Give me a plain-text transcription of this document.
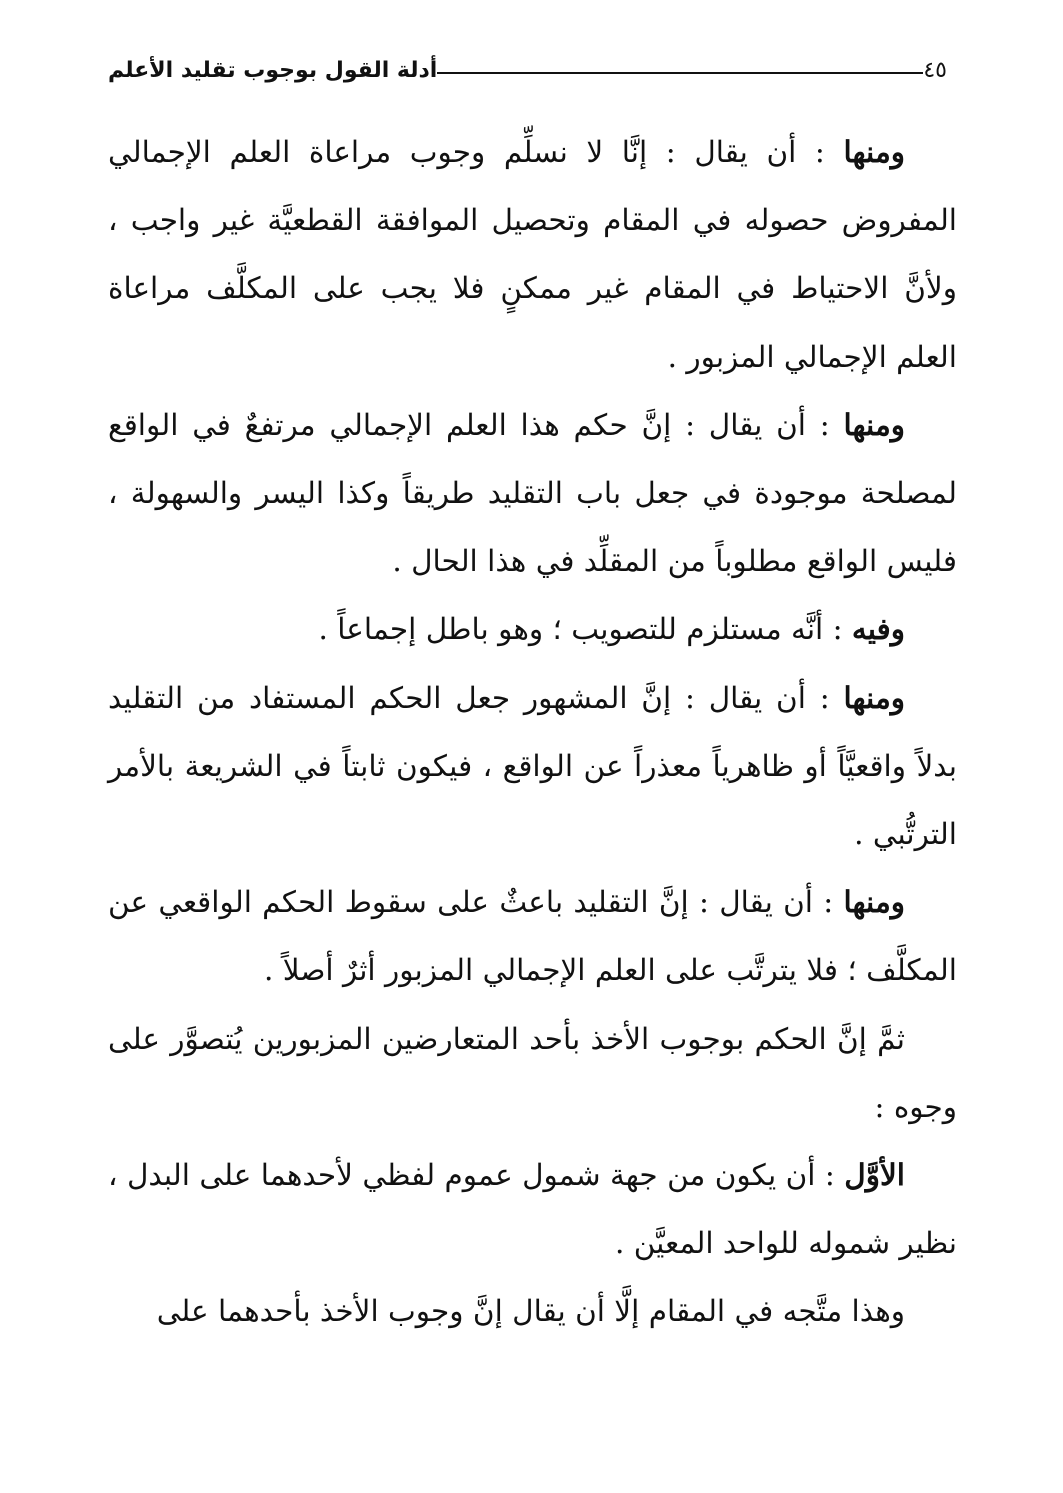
أدلة القول بوجوب تقليد الأعلم	٤٥

ومنها : أن يقال : إنَّا لا نسلِّم وجوب مراعاة العلم الإجمالي المفروض حصوله في المقام وتحصيل الموافقة القطعيَّة غير واجب ، ولأنَّ الاحتياط في المقام غير ممكنٍ فلا يجب على المكلَّف مراعاة العلم الإجمالي المزبور .

ومنها : أن يقال : إنَّ حكم هذا العلم الإجمالي مرتفعٌ في الواقع لمصلحة موجودة في جعل باب التقليد طريقاً وكذا اليسر والسهولة ، فليس الواقع مطلوباً من المقلِّد في هذا الحال .

وفيه : أنَّه مستلزم للتصويب ؛ وهو باطل إجماعاً .

ومنها : أن يقال : إنَّ المشهور جعل الحكم المستفاد من التقليد بدلاً واقعيَّاً أو ظاهرياً معذراً عن الواقع ، فيكون ثابتاً في الشريعة بالأمر الترتُّبي .

ومنها : أن يقال : إنَّ التقليد باعثٌ على سقوط الحكم الواقعي عن المكلَّف ؛ فلا يترتَّب على العلم الإجمالي المزبور أثرٌ أصلاً .

ثمَّ إنَّ الحكم بوجوب الأخذ بأحد المتعارضين المزبورين يُتصوَّر على وجوه :

الأوَّل : أن يكون من جهة شمول عموم لفظي لأحدهما على البدل ، نظير شموله للواحد المعيَّن .

وهذا متَّجه في المقام إلَّا أن يقال إنَّ وجوب الأخذ بأحدهما على
